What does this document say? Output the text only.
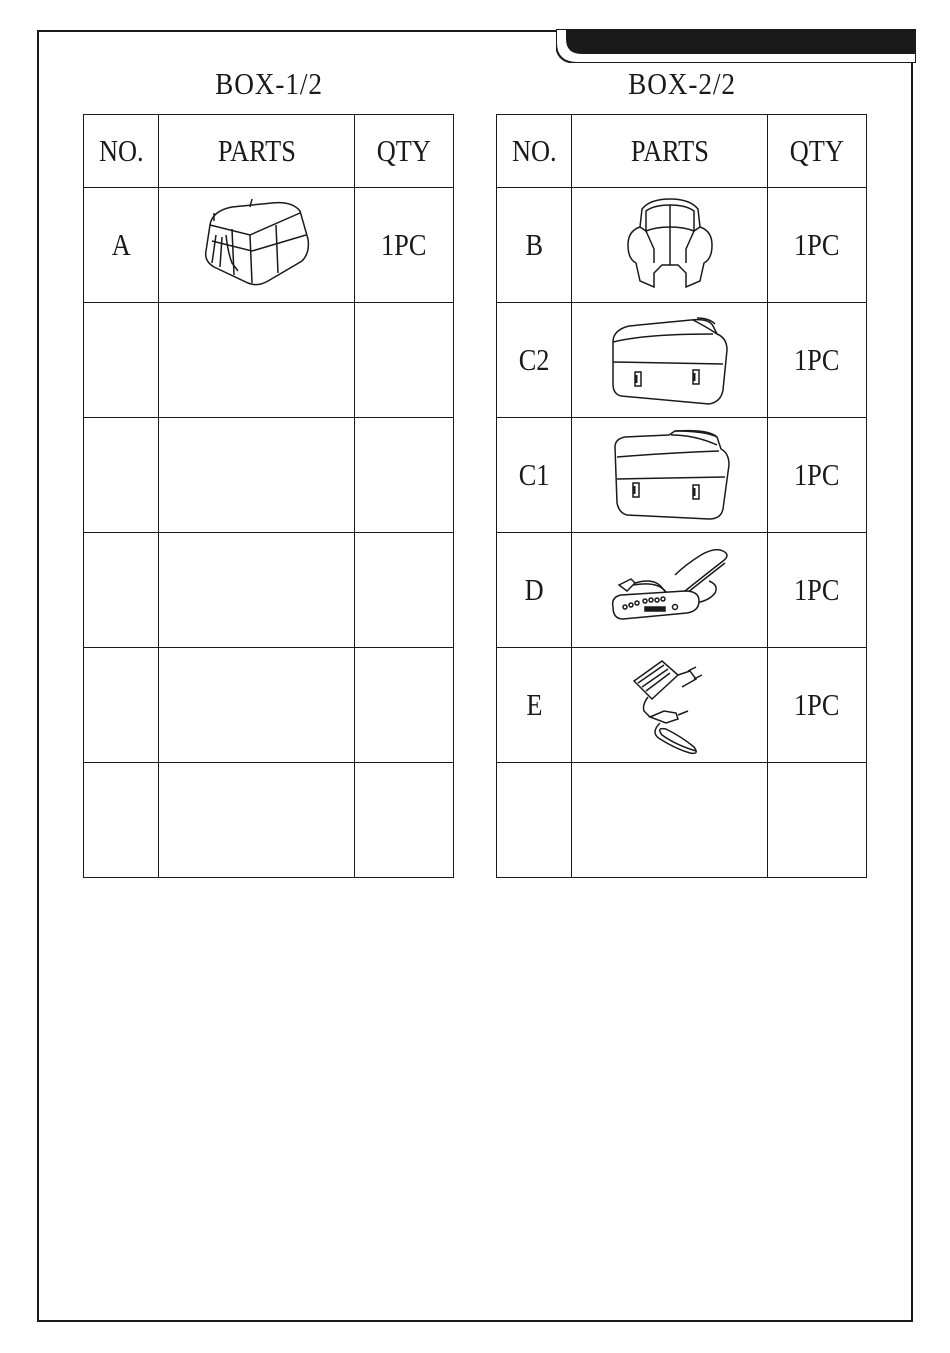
BOX-1/2	BOX-2/2
NO.	PARTS	QTY
A		1PC

NO.	PARTS	QTY
B		1PC
C2		1PC
C1		1PC
D		1PC
E		1PC
